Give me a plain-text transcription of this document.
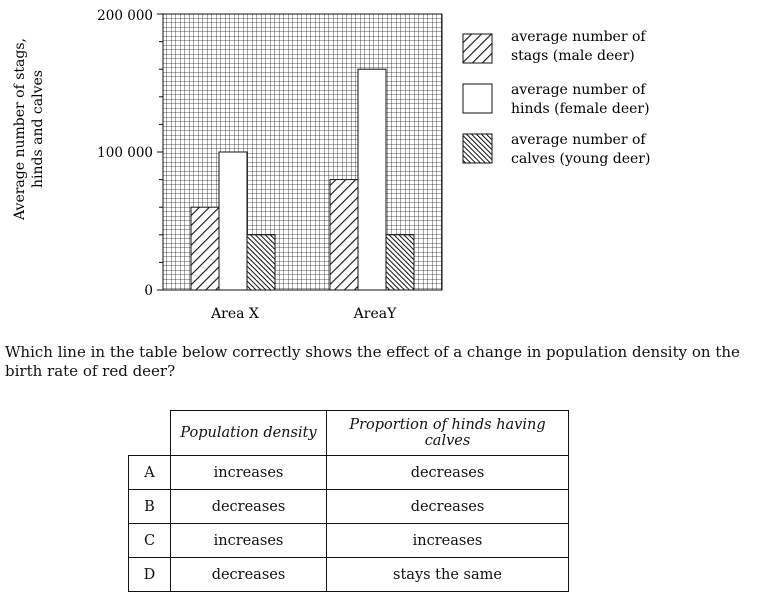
200 000
100 000
0
Area X	AreaY
Average number of stags, hinds and calves
average number of
stags (male deer)
average number of
hinds (female deer)
average number of
calves (young deer)

Which line in the table below correctly shows the effect of a change in population density on the birth rate of red deer?

	Population density	Proportion of hinds having calves
A	increases	decreases
B	decreases	decreases
C	increases	increases
D	decreases	stays the same
